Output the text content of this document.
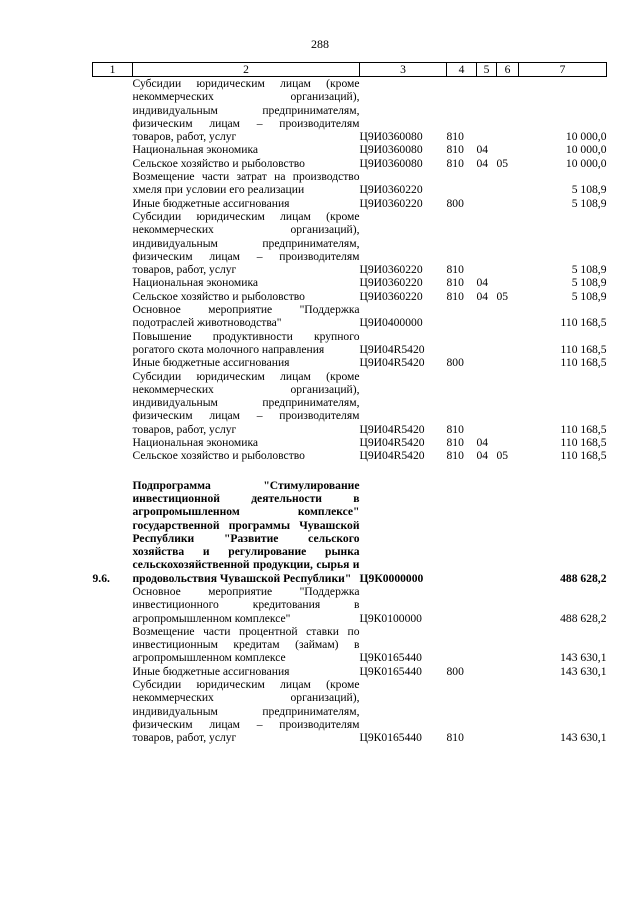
288
1	2	3	4	5	6	7
	Субсидии юридическим лицам (кроме некоммерческих организаций), индивидуальным предпринимателям, физическим лицам – производителям товаров, работ, услуг	Ц9И0360080	810			10 000,0
	Национальная экономика	Ц9И0360080	810	04		10 000,0
	Сельское хозяйство и рыболовство	Ц9И0360080	810	04	05	10 000,0
	Возмещение части затрат на производство хмеля при условии его реализации	Ц9И0360220				5 108,9
	Иные бюджетные ассигнования	Ц9И0360220	800			5 108,9
	Субсидии юридическим лицам (кроме некоммерческих организаций), индивидуальным предпринимателям, физическим лицам – производителям товаров, работ, услуг	Ц9И0360220	810			5 108,9
	Национальная экономика	Ц9И0360220	810	04		5 108,9
	Сельское хозяйство и рыболовство	Ц9И0360220	810	04	05	5 108,9
	Основное мероприятие "Поддержка подотраслей животноводства"	Ц9И0400000				110 168,5
	Повышение продуктивности крупного рогатого скота молочного направления	Ц9И04R5420				110 168,5
	Иные бюджетные ассигнования	Ц9И04R5420	800			110 168,5
	Субсидии юридическим лицам (кроме некоммерческих организаций), индивидуальным предпринимателям, физическим лицам – производителям товаров, работ, услуг	Ц9И04R5420	810			110 168,5
	Национальная экономика	Ц9И04R5420	810	04		110 168,5
	Сельское хозяйство и рыболовство	Ц9И04R5420	810	04	05	110 168,5

9.6.	Подпрограмма "Стимулирование инвестиционной деятельности в агропромышленном комплексе" государственной программы Чувашской Республики "Развитие сельского хозяйства и регулирование рынка сельскохозяйственной продукции, сырья и продовольствия Чувашской Республики"	Ц9К0000000				488 628,2
	Основное мероприятие "Поддержка инвестиционного кредитования в агропромышленном комплексе"	Ц9К0100000				488 628,2
	Возмещение части процентной ставки по инвестиционным кредитам (займам) в агропромышленном комплексе	Ц9К0165440				143 630,1
	Иные бюджетные ассигнования	Ц9К0165440	800			143 630,1
	Субсидии юридическим лицам (кроме некоммерческих организаций), индивидуальным предпринимателям, физическим лицам – производителям товаров, работ, услуг	Ц9К0165440	810			143 630,1
